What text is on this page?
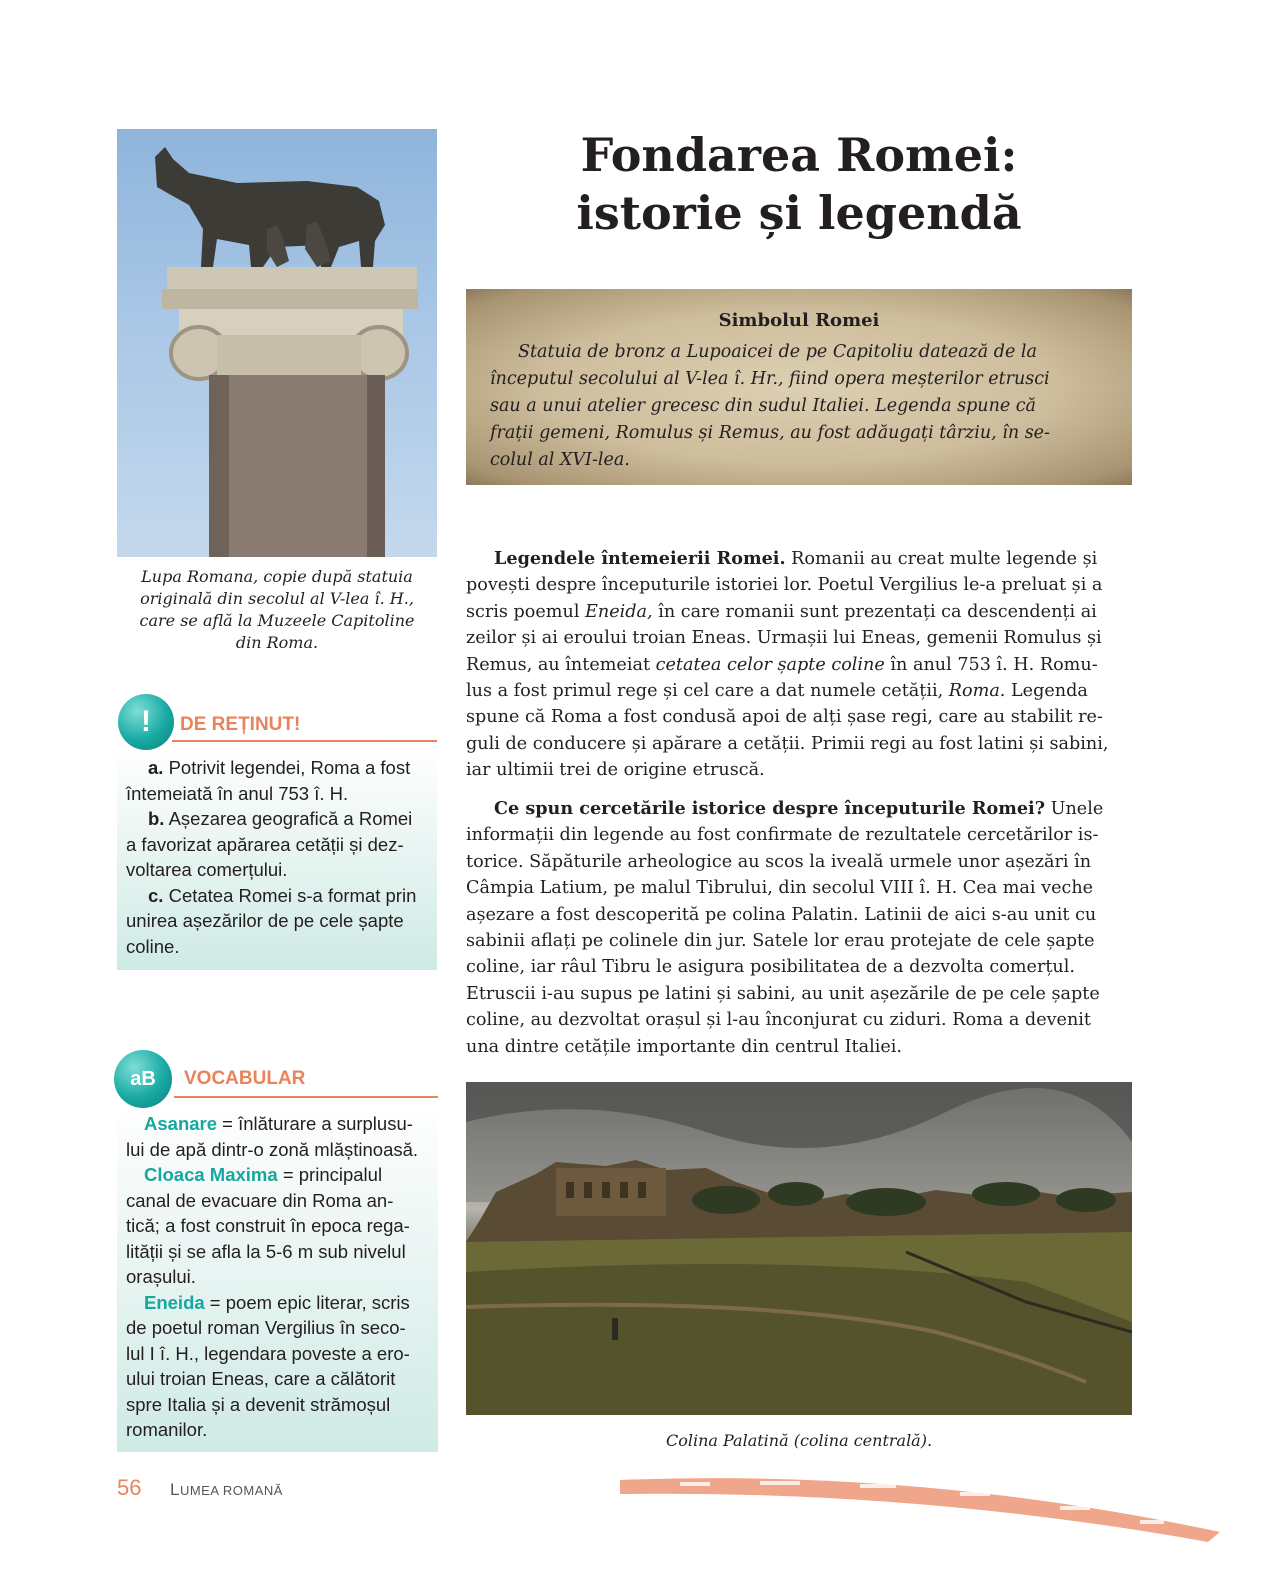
Lupa Romana, copie după statuia
originală din secolul al V-lea î. H.,
care se află la Muzeele Capitoline
din Roma.
! DE REȚINUT!

a. Potrivit legendei, Roma a fost
întemeiată în anul 753 î. H.

b. Așezarea geografică a Romei
a favorizat apărarea cetății și dez-
voltarea comerțului.

c. Cetatea Romei s-a format prin
unirea așezărilor de pe cele șapte
coline.

aB VOCABULAR
Asanare = înlăturare a surplusu-
lui de apă dintr-o zonă mlăștinoasă.
Cloaca Maxima = principalul
canal de evacuare din Roma an-
tică; a fost construit în epoca rega-
lității și se afla la 5-6 m sub nivelul
orașului.
Eneida = poem epic literar, scris
de poetul roman Vergilius în seco-
lul I î. H., legendara poveste a ero-
ului troian Eneas, care a călătorit
spre Italia și a devenit strămoșul
romanilor.
Fondarea Romei:
istorie și legendă
Simbolul Romei
Statuia de bronz a Lupoaicei de pe Capitoliu datează de la
începutul secolului al V-lea î. Hr., fiind opera meșterilor etrusci
sau a unui atelier grecesc din sudul Italiei. Legenda spune că
frații gemeni, Romulus și Remus, au fost adăugați târziu, în se-
colul al XVI-lea.
Legendele întemeierii Romei. Romanii au creat multe legende și
povești despre începuturile istoriei lor. Poetul Vergilius le-a preluat și a
scris poemul Eneida, în care romanii sunt prezentați ca descendenți ai
zeilor și ai eroului troian Eneas. Urmașii lui Eneas, gemenii Romulus și
Remus, au întemeiat cetatea celor șapte coline în anul 753 î. H. Romu-
lus a fost primul rege și cel care a dat numele cetății, Roma. Legenda
spune că Roma a fost condusă apoi de alți șase regi, care au stabilit re-
guli de conducere și apărare a cetății. Primii regi au fost latini și sabini,
iar ultimii trei de origine etruscă.
Ce spun cercetările istorice despre începuturile Romei? Unele
informații din legende au fost confirmate de rezultatele cercetărilor is-
torice. Săpăturile arheologice au scos la iveală urmele unor așezări în
Câmpia Latium, pe malul Tibrului, din secolul VIII î. H. Cea mai veche
așezare a fost descoperită pe colina Palatin. Latinii de aici s-au unit cu
sabinii aflați pe colinele din jur. Satele lor erau protejate de cele șapte
coline, iar râul Tibru le asigura posibilitatea de a dezvolta comerțul.
Etruscii i-au supus pe latini și sabini, au unit așezările de pe cele șapte
coline, au dezvoltat orașul și l-au înconjurat cu ziduri. Roma a devenit
una dintre cetățile importante din centrul Italiei.
Colina Palatină (colina centrală).
56 LUMEA ROMANĂ
